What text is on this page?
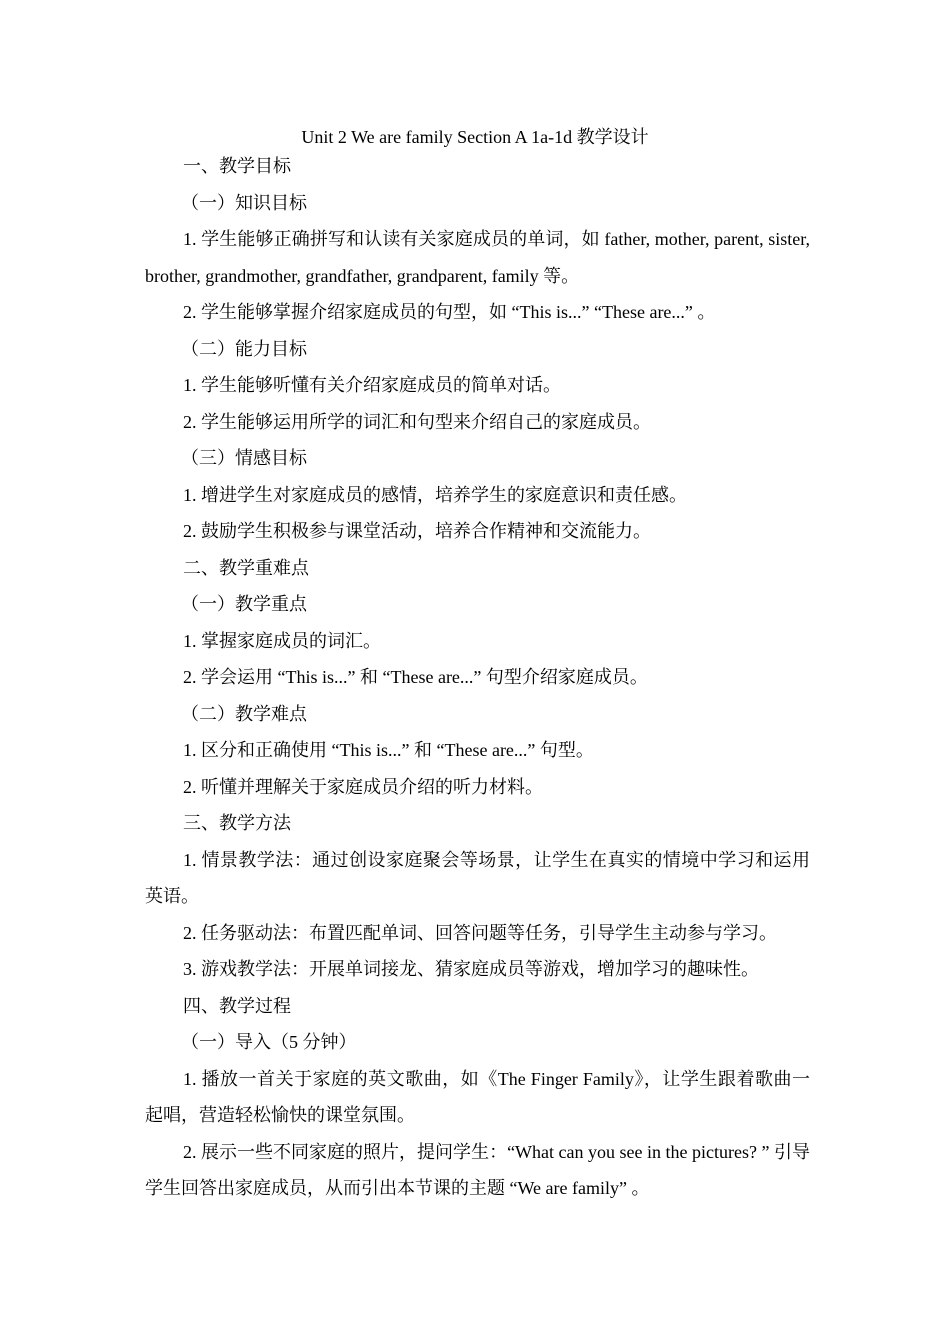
Unit 2 We are family Section A 1a-1d 教学设计

一、教学目标

（一）知识目标

1. 学生能够正确拼写和认读有关家庭成员的单词，如 father, mother, parent, sister, brother, grandmother, grandfather, grandparent, family 等。

2. 学生能够掌握介绍家庭成员的句型，如 “This is...” “These are...” 。

（二）能力目标

1. 学生能够听懂有关介绍家庭成员的简单对话。

2. 学生能够运用所学的词汇和句型来介绍自己的家庭成员。

（三）情感目标

1. 增进学生对家庭成员的感情，培养学生的家庭意识和责任感。

2. 鼓励学生积极参与课堂活动，培养合作精神和交流能力。

二、教学重难点

（一）教学重点

1. 掌握家庭成员的词汇。

2. 学会运用 “This is...” 和 “These are...” 句型介绍家庭成员。

（二）教学难点

1. 区分和正确使用 “This is...” 和 “These are...” 句型。

2. 听懂并理解关于家庭成员介绍的听力材料。

三、教学方法

1. 情景教学法：通过创设家庭聚会等场景，让学生在真实的情境中学习和运用英语。

2. 任务驱动法：布置匹配单词、回答问题等任务，引导学生主动参与学习。

3. 游戏教学法：开展单词接龙、猜家庭成员等游戏，增加学习的趣味性。

四、教学过程

（一）导入（5 分钟）

1. 播放一首关于家庭的英文歌曲，如《The Finger Family》，让学生跟着歌曲一起唱，营造轻松愉快的课堂氛围。

2. 展示一些不同家庭的照片，提问学生：“What can you see in the pictures? ” 引导学生回答出家庭成员，从而引出本节课的主题 “We are family” 。
